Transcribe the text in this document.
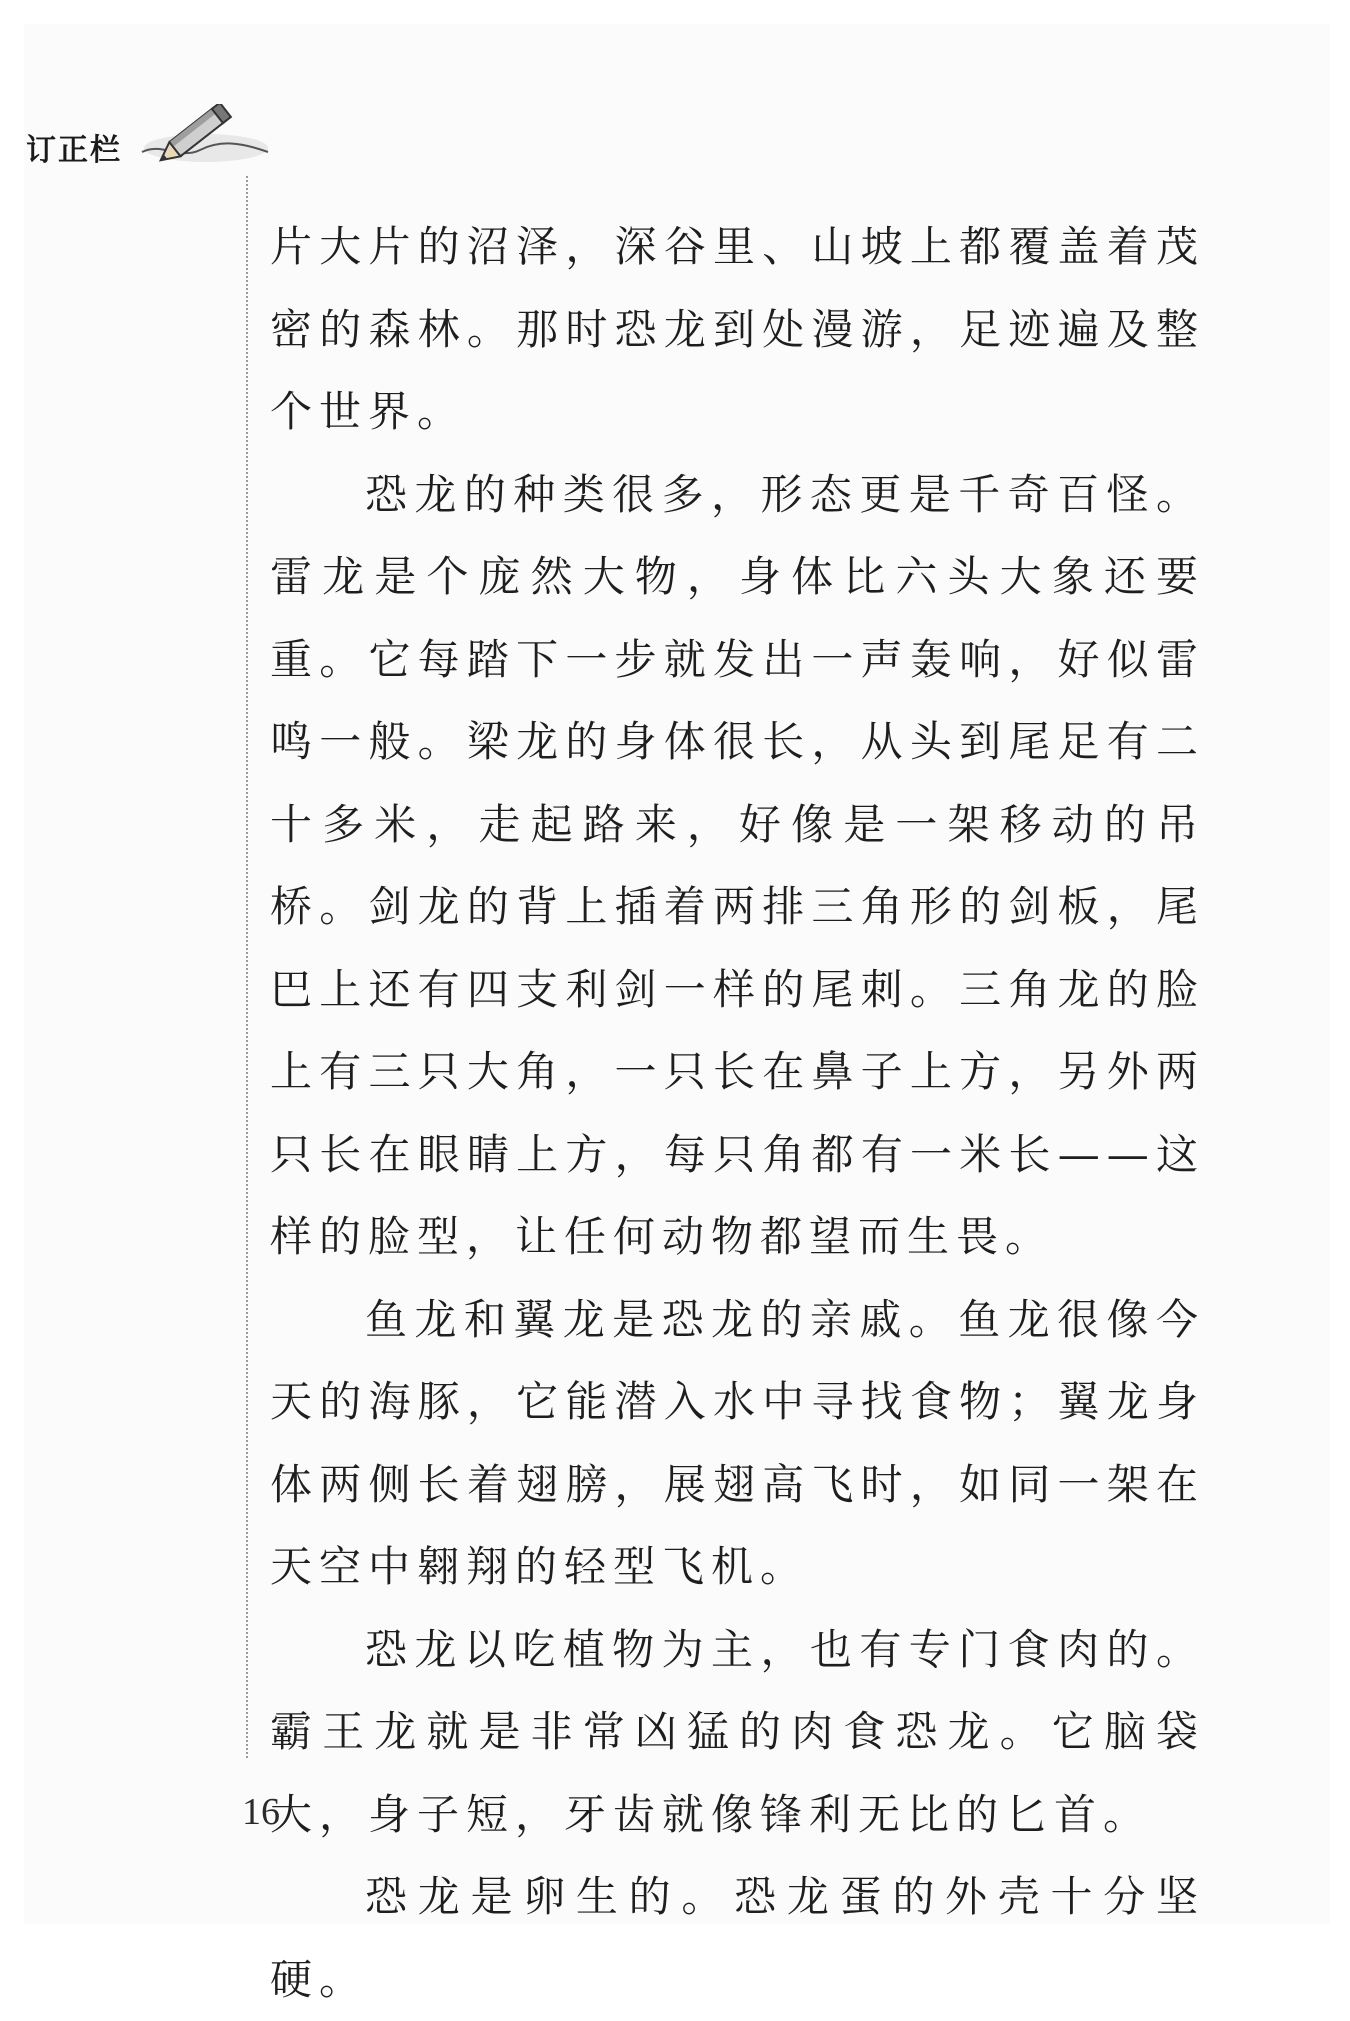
订正栏

片大片的沼泽，深谷里、山坡上都覆盖着茂密的森林。那时恐龙到处漫游，足迹遍及整个世界。

恐龙的种类很多，形态更是千奇百怪。雷龙是个庞然大物，身体比六头大象还要重。它每踏下一步就发出一声轰响，好似雷鸣一般。梁龙的身体很长，从头到尾足有二十多米，走起路来，好像是一架移动的吊桥。剑龙的背上插着两排三角形的剑板，尾巴上还有四支利剑一样的尾刺。三角龙的脸上有三只大角，一只长在鼻子上方，另外两只长在眼睛上方，每只角都有一米长——这样的脸型，让任何动物都望而生畏。

鱼龙和翼龙是恐龙的亲戚。鱼龙很像今天的海豚，它能潜入水中寻找食物；翼龙身体两侧长着翅膀，展翅高飞时，如同一架在天空中翱翔的轻型飞机。

恐龙以吃植物为主，也有专门食肉的。霸王龙就是非常凶猛的肉食恐龙。它脑袋大，身子短，牙齿就像锋利无比的匕首。

恐龙是卵生的。恐龙蛋的外壳十分坚硬。

16
